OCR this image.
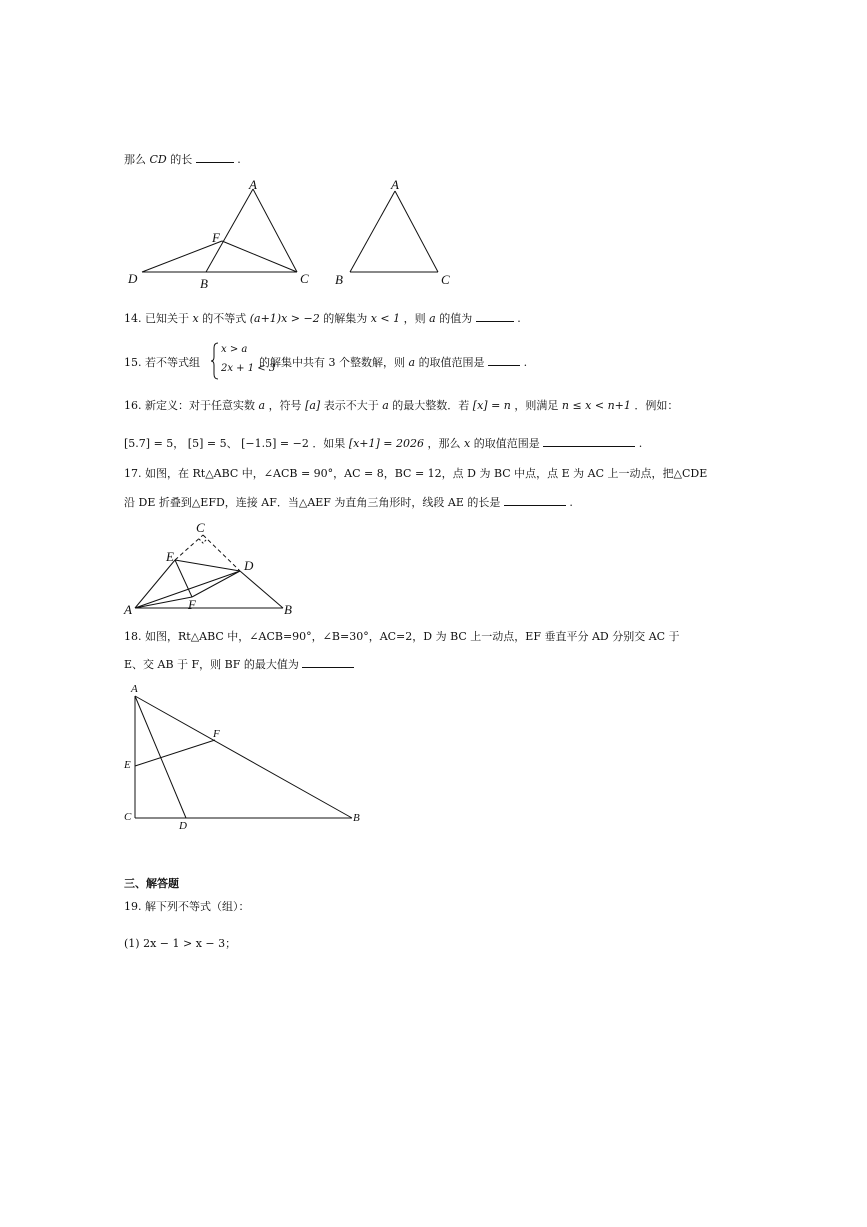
那么 CD 的长	.
A
F
D	B	C
A
B	C
14. 已知关于 x 的不等式 (a+1)x > −2 的解集为 x < 1 ，则 a 的值为	.
15. 若不等式组	的解集中共有 3 个整数解，则 a 的取值范围是	.
x > a
2x + 1 < 3
16. 新定义：对于任意实数 a ，符号 [a] 表示不大于 a 的最大整数．若 [x] = n ，则满足 n ≤ x < n+1 ．例如：
[5.7] = 5， [5] = 5、 [−1.5] = −2 ．如果 [x+1] = 2026 ，那么 x 的取值范围是	.
17. 如图，在 Rt△ABC 中，∠ACB = 90°，AC = 8，BC = 12，点 D 为 BC 中点，点 E 为 AC 上一动点，把△CDE
沿 DE 折叠到△EFD，连接 AF．当△AEF 为直角三角形时，线段 AE 的长是	.
C
E
D
A	F	B
18. 如图，Rt△ABC 中，∠ACB=90°，∠B=30°，AC=2，D 为 BC 上一动点，EF 垂直平分 AD 分别交 AC 于
E、交 AB 于 F，则 BF 的最大值为
A
F
E
C
D
B
三、解答题
19. 解下列不等式（组）：
(1) 2x − 1 > x − 3；
